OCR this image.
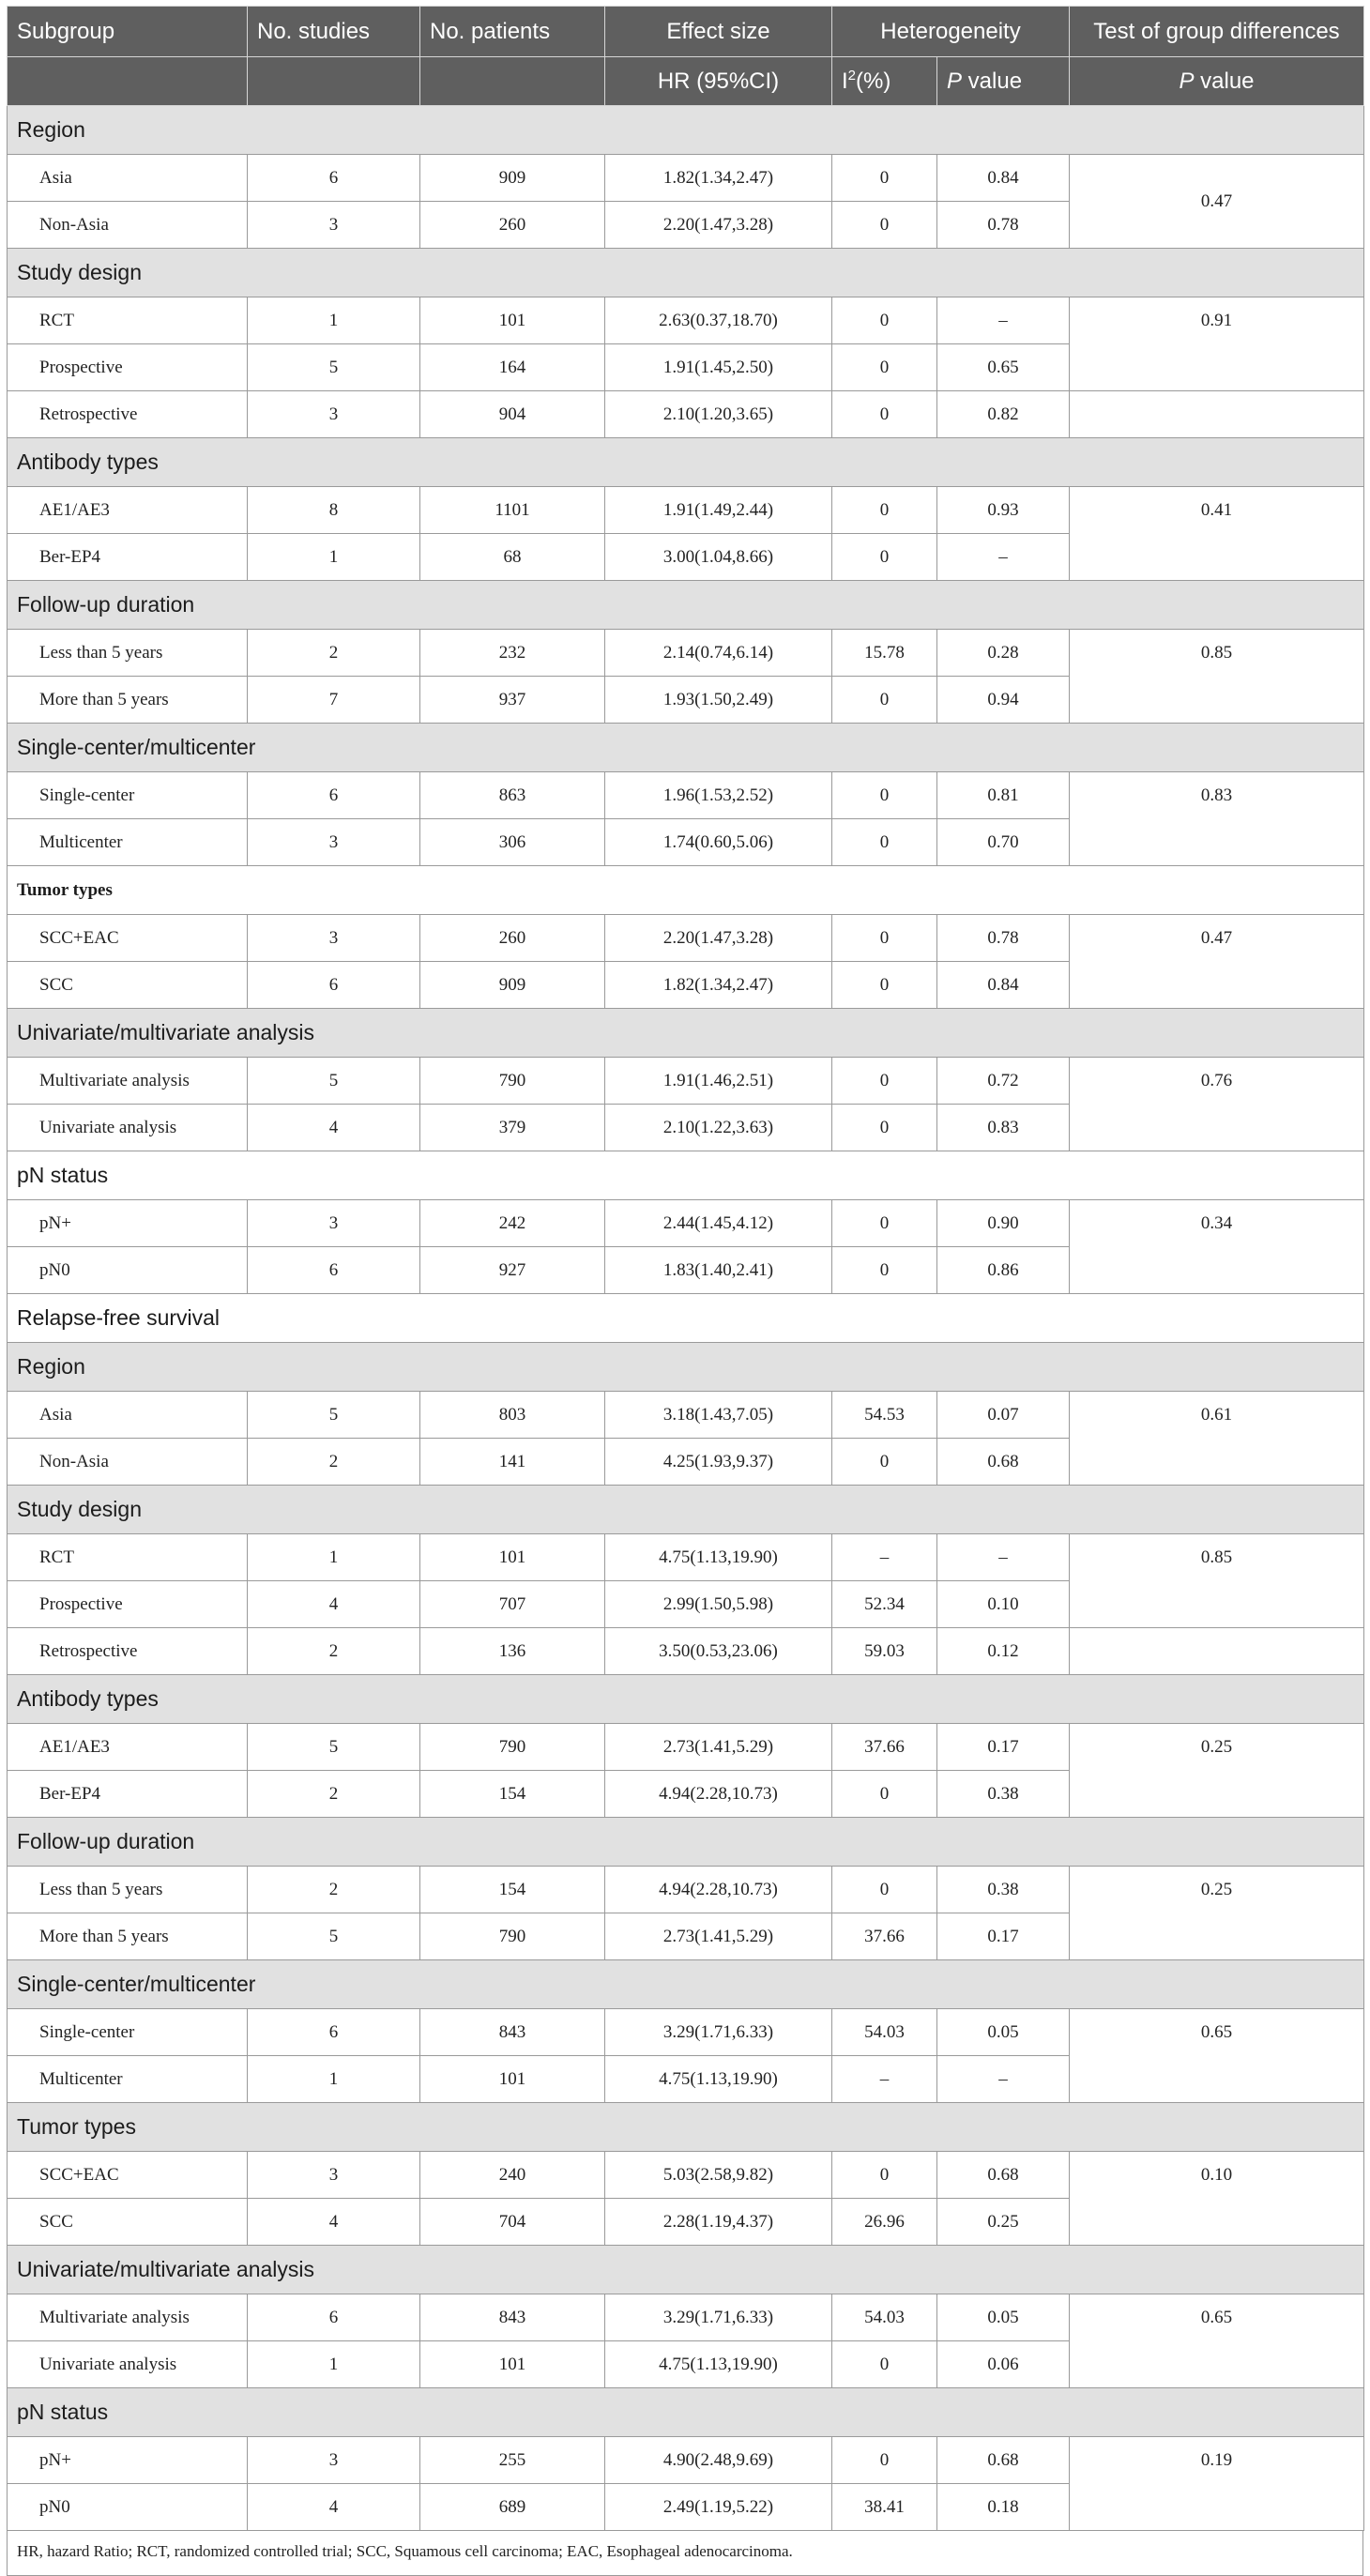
Subgroup	No. studies	No. patients	Effect size	Heterogeneity		Test of group differences
			HR (95%CI)	$I^2(\%)$	P value	P value
Region						
Asia	6	909	1.82(1.34,2.47)	0	0.84	0.47
Non-Asia	3	260	2.20(1.47,3.28)	0	0.78	
Study design						
RCT	1	101	2.63(0.37,18.70)	0	–	0.91
Prospective	5	164	1.91(1.45,2.50)	0	0.65	
Retrospective	3	904	2.10(1.20,3.65)	0	0.82	
Antibody types						
AE1/AE3	8	1101	1.91(1.49,2.44)	0	0.93	0.41
Ber-EP4	1	68	3.00(1.04,8.66)	0	–	
Follow-up duration						
Less than 5 years	2	232	2.14(0.74,6.14)	15.78	0.28	0.85
More than 5 years	7	937	1.93(1.50,2.49)	0	0.94	
Single-center/multicenter						
Single-center	6	863	1.96(1.53,2.52)	0	0.81	0.83
Multicenter	3	306	1.74(0.60,5.06)	0	0.70	
Tumor types						
SCC+EAC	3	260	2.20(1.47,3.28)	0	0.78	0.47
SCC	6	909	1.82(1.34,2.47)	0	0.84	
Univariate/multivariate analysis						
Multivariate analysis	5	790	1.91(1.46,2.51)	0	0.72	0.76
Univariate analysis	4	379	2.10(1.22,3.63)	0	0.83	
pN status						
pN+	3	242	2.44(1.45,4.12)	0	0.90	0.34
pN0	6	927	1.83(1.40,2.41)	0	0.86	
Relapse-free survival						
Region						
Asia	5	803	3.18(1.43,7.05)	54.53	0.07	0.61
Non-Asia	2	141	4.25(1.93,9.37)	0	0.68	
Study design						
RCT	1	101	4.75(1.13,19.90)	–	–	0.85
Prospective	4	707	2.99(1.50,5.98)	52.34	0.10	
Retrospective	2	136	3.50(0.53,23.06)	59.03	0.12	
Antibody types						
AE1/AE3	5	790	2.73(1.41,5.29)	37.66	0.17	0.25
Ber-EP4	2	154	4.94(2.28,10.73)	0	0.38	
Follow-up duration						
Less than 5 years	2	154	4.94(2.28,10.73)	0	0.38	0.25
More than 5 years	5	790	2.73(1.41,5.29)	37.66	0.17	
Single-center/multicenter						
Single-center	6	843	3.29(1.71,6.33)	54.03	0.05	0.65
Multicenter	1	101	4.75(1.13,19.90)	–	–	
Tumor types						
SCC+EAC	3	240	5.03(2.58,9.82)	0	0.68	0.10
SCC	4	704	2.28(1.19,4.37)	26.96	0.25	
Univariate/multivariate analysis						
Multivariate analysis	6	843	3.29(1.71,6.33)	54.03	0.05	0.65
Univariate analysis	1	101	4.75(1.13,19.90)	0	0.06	
pN status						
pN+	3	255	4.90(2.48,9.69)	0	0.68	0.19
pN0	4	689	2.49(1.19,5.22)	38.41	0.18	
HR, hazard Ratio; RCT, randomized controlled trial; SCC, Squamous cell carcinoma; EAC, Esophageal adenocarcinoma.
